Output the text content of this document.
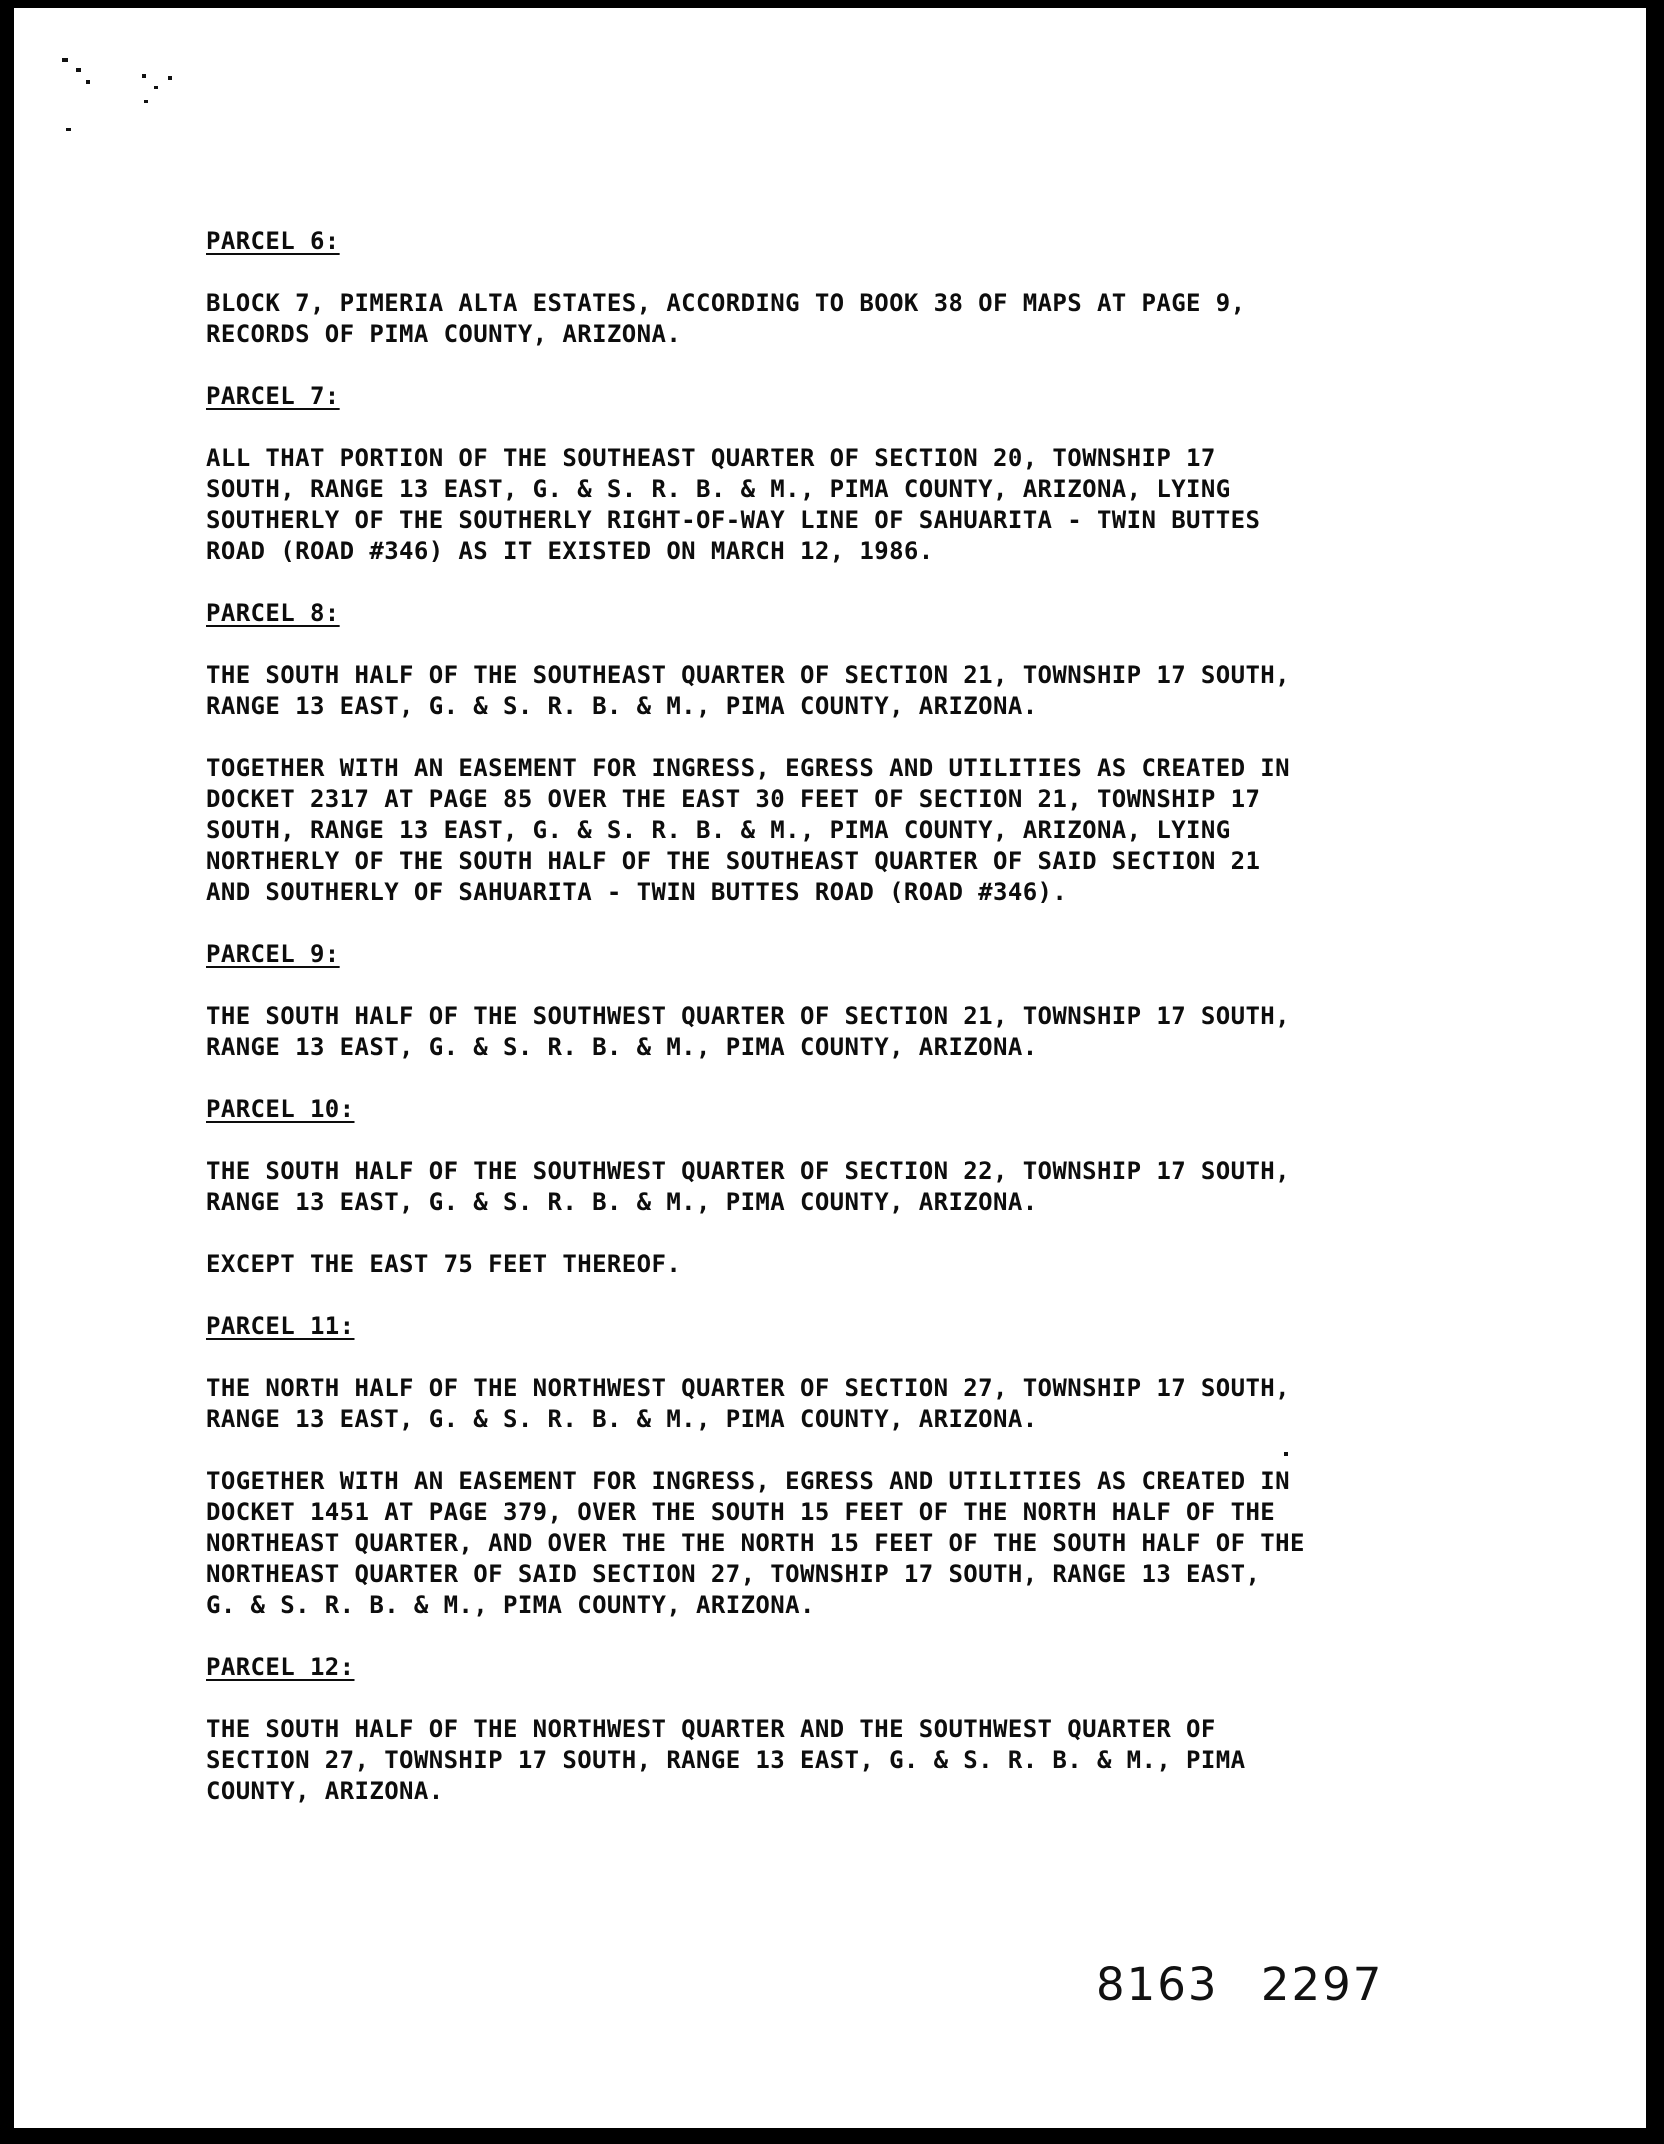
PARCEL 6:
BLOCK 7, PIMERIA ALTA ESTATES, ACCORDING TO BOOK 38 OF MAPS AT PAGE 9,
RECORDS OF PIMA COUNTY, ARIZONA.
PARCEL 7:
ALL THAT PORTION OF THE SOUTHEAST QUARTER OF SECTION 20, TOWNSHIP 17
SOUTH, RANGE 13 EAST, G. & S. R. B. & M., PIMA COUNTY, ARIZONA, LYING
SOUTHERLY OF THE SOUTHERLY RIGHT-OF-WAY LINE OF SAHUARITA - TWIN BUTTES
ROAD (ROAD #346) AS IT EXISTED ON MARCH 12, 1986.
PARCEL 8:
THE SOUTH HALF OF THE SOUTHEAST QUARTER OF SECTION 21, TOWNSHIP 17 SOUTH,
RANGE 13 EAST, G. & S. R. B. & M., PIMA COUNTY, ARIZONA.
TOGETHER WITH AN EASEMENT FOR INGRESS, EGRESS AND UTILITIES AS CREATED IN
DOCKET 2317 AT PAGE 85 OVER THE EAST 30 FEET OF SECTION 21, TOWNSHIP 17
SOUTH, RANGE 13 EAST, G. & S. R. B. & M., PIMA COUNTY, ARIZONA, LYING
NORTHERLY OF THE SOUTH HALF OF THE SOUTHEAST QUARTER OF SAID SECTION 21
AND SOUTHERLY OF SAHUARITA - TWIN BUTTES ROAD (ROAD #346).
PARCEL 9:
THE SOUTH HALF OF THE SOUTHWEST QUARTER OF SECTION 21, TOWNSHIP 17 SOUTH,
RANGE 13 EAST, G. & S. R. B. & M., PIMA COUNTY, ARIZONA.
PARCEL 10:
THE SOUTH HALF OF THE SOUTHWEST QUARTER OF SECTION 22, TOWNSHIP 17 SOUTH,
RANGE 13 EAST, G. & S. R. B. & M., PIMA COUNTY, ARIZONA.
EXCEPT THE EAST 75 FEET THEREOF.
PARCEL 11:
THE NORTH HALF OF THE NORTHWEST QUARTER OF SECTION 27, TOWNSHIP 17 SOUTH,
RANGE 13 EAST, G. & S. R. B. & M., PIMA COUNTY, ARIZONA.
TOGETHER WITH AN EASEMENT FOR INGRESS, EGRESS AND UTILITIES AS CREATED IN
DOCKET 1451 AT PAGE 379, OVER THE SOUTH 15 FEET OF THE NORTH HALF OF THE
NORTHEAST QUARTER, AND OVER THE THE NORTH 15 FEET OF THE SOUTH HALF OF THE
NORTHEAST QUARTER OF SAID SECTION 27, TOWNSHIP 17 SOUTH, RANGE 13 EAST,
G. & S. R. B. & M., PIMA COUNTY, ARIZONA.
PARCEL 12:
THE SOUTH HALF OF THE NORTHWEST QUARTER AND THE SOUTHWEST QUARTER OF
SECTION 27, TOWNSHIP 17 SOUTH, RANGE 13 EAST, G. & S. R. B. & M., PIMA
COUNTY, ARIZONA.
8163 2297
